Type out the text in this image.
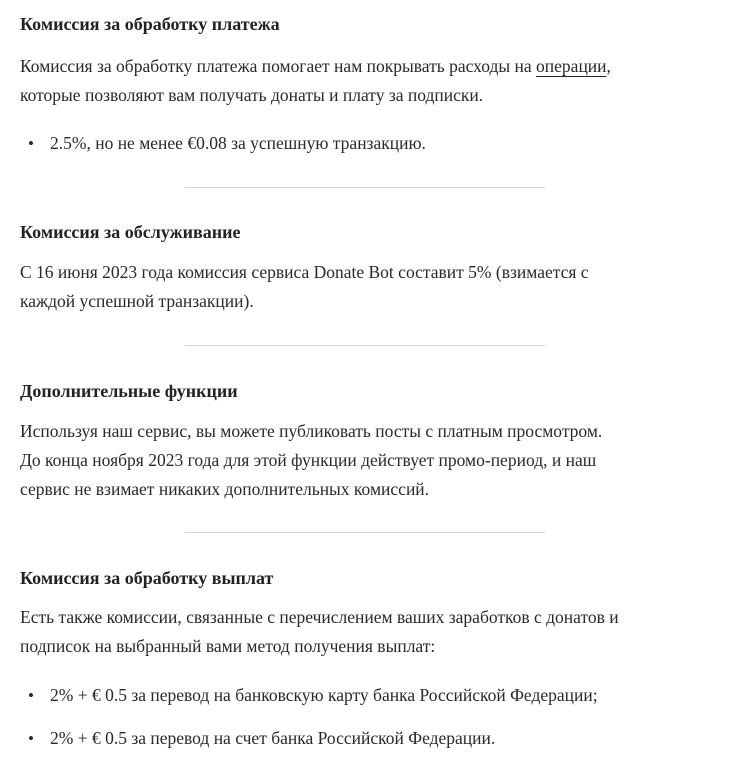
Комиссия за обработку платежа

Комиссия за обработку платежа помогает нам покрывать расходы на операции,
которые позволяют вам получать донаты и плату за подписки.

• 2.5%, но не менее €0.08 за успешную транзакцию.
Комиссия за обслуживание

С 16 июня 2023 года комиссия сервиса Donate Bot составит 5% (взимается с
каждой успешной транзакции).

Дополнительные функции

Используя наш сервис, вы можете публиковать посты с платным просмотром.
До конца ноября 2023 года для этой функции действует промо-период, и наш
сервис не взимает никаких дополнительных комиссий.

Комиссия за обработку выплат

Есть также комиссии, связанные с перечислением ваших заработков с донатов и
подписок на выбранный вами метод получения выплат:

• 2% + € 0.5 за перевод на банковскую карту банка Российской Федерации;
• 2% + € 0.5 за перевод на счет банка Российской Федерации.
